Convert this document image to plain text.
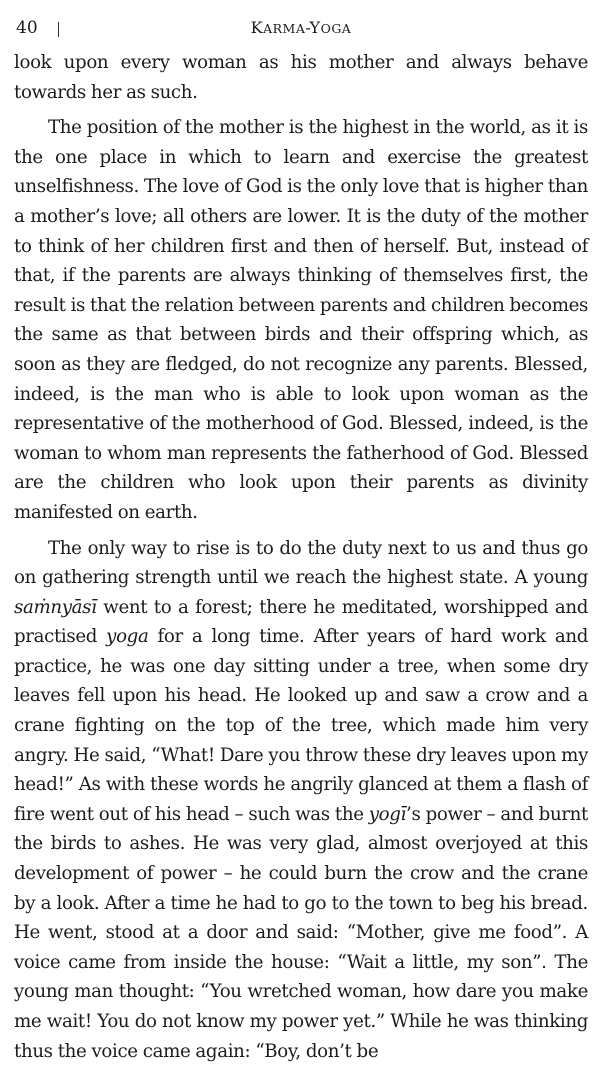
40	KARMA-YOGA

look upon every woman as his mother and always behave towards her as such.

The position of the mother is the highest in the world, as it is the one place in which to learn and exercise the greatest unselfishness. The love of God is the only love that is higher than a mother’s love; all others are lower. It is the duty of the mother to think of her children first and then of herself. But, instead of that, if the parents are always thinking of themselves first, the result is that the relation between parents and children becomes the same as that between birds and their offspring which, as soon as they are fledged, do not recognize any parents. Blessed, indeed, is the man who is able to look upon woman as the representative of the motherhood of God. Blessed, indeed, is the woman to whom man represents the fatherhood of God. Blessed are the children who look upon their parents as divinity manifested on earth.

The only way to rise is to do the duty next to us and thus go on gathering strength until we reach the highest state. A young saṁnyāsī went to a forest; there he meditated, worshipped and practised yoga for a long time. After years of hard work and practice, he was one day sitting under a tree, when some dry leaves fell upon his head. He looked up and saw a crow and a crane fighting on the top of the tree, which made him very angry. He said, “What! Dare you throw these dry leaves upon my head!” As with these words he angrily glanced at them a flash of fire went out of his head – such was the yogī’s power – and burnt the birds to ashes. He was very glad, almost overjoyed at this development of power – he could burn the crow and the crane by a look. After a time he had to go to the town to beg his bread. He went, stood at a door and said: “Mother, give me food”. A voice came from inside the house: “Wait a little, my son”. The young man thought: “You wretched woman, how dare you make me wait! You do not know my power yet.” While he was thinking thus the voice came again: “Boy, don’t be
